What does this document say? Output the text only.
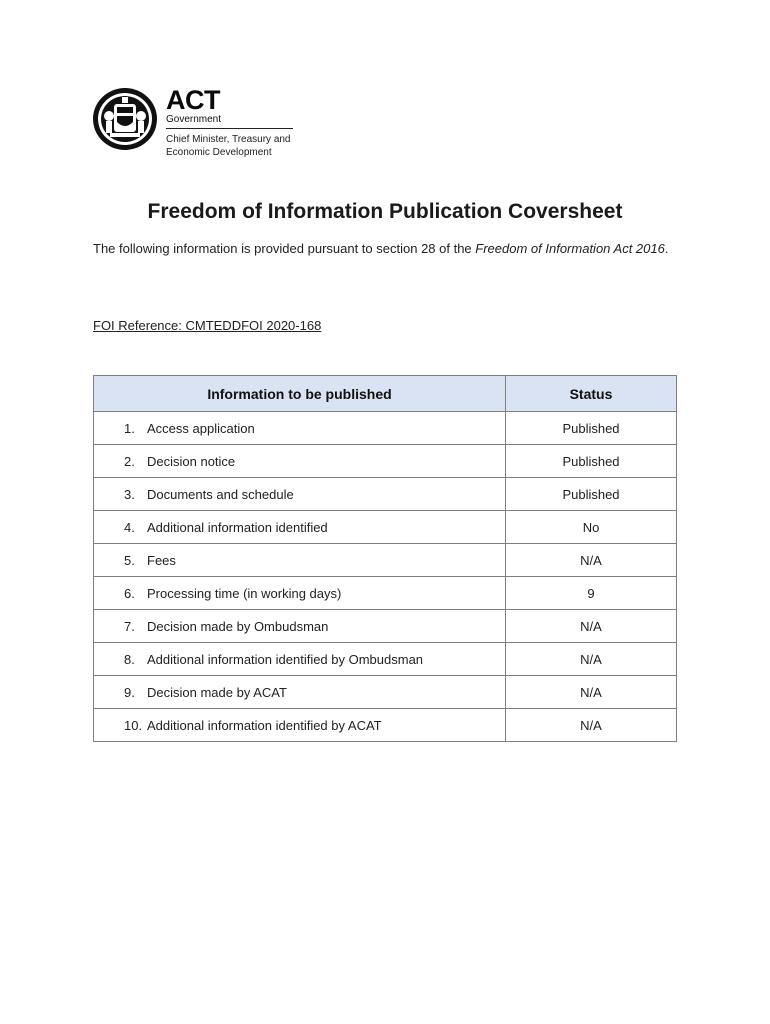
ACT
Government
Chief Minister, Treasury and
Economic Development
Freedom of Information Publication Coversheet

The following information is provided pursuant to section 28 of the Freedom of Information Act 2016.

FOI Reference: CMTEDDFOI 2020-168

Information to be published	Status
1. Access application	Published
2. Decision notice	Published
3. Documents and schedule	Published
4. Additional information identified	No
5. Fees	N/A
6. Processing time (in working days)	9
7. Decision made by Ombudsman	N/A
8. Additional information identified by Ombudsman	N/A
9. Decision made by ACAT	N/A
10. Additional information identified by ACAT	N/A
